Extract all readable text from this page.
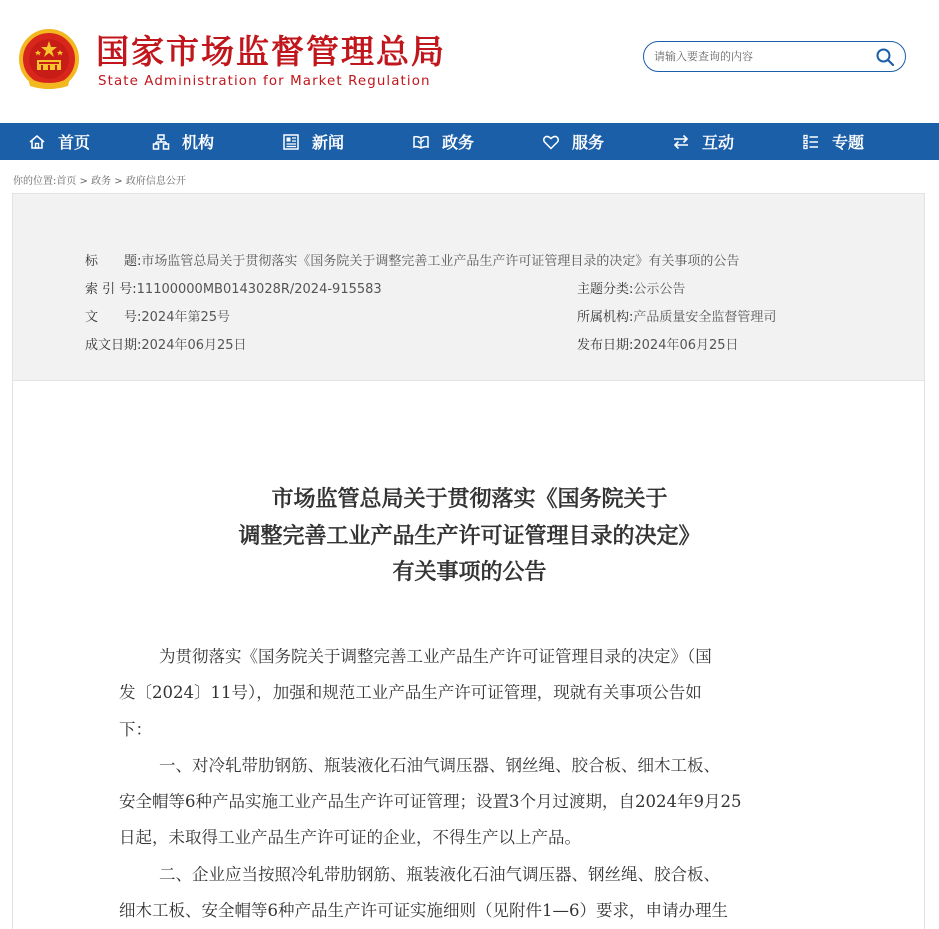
国家市场监督管理总局
State Administration for Market Regulation
请输入要查询的内容
首页	机构	新闻	政务	服务	互动	专题
你的位置:首页 > 政务 > 政府信息公开
标　　题:市场监管总局关于贯彻落实《国务院关于调整完善工业产品生产许可证管理目录的决定》有关事项的公告
索 引 号:11100000MB0143028R/2024-915583	主题分类:公示公告
文　　号:2024年第25号	所属机构:产品质量安全监督管理司
成文日期:2024年06月25日	发布日期:2024年06月25日
市场监管总局关于贯彻落实《国务院关于
调整完善工业产品生产许可证管理目录的决定》
有关事项的公告
为贯彻落实《国务院关于调整完善工业产品生产许可证管理目录的决定》（国
发〔2024〕11号），加强和规范工业产品生产许可证管理，现就有关事项公告如
下：
一、对冷轧带肋钢筋、瓶装液化石油气调压器、钢丝绳、胶合板、细木工板、
安全帽等6种产品实施工业产品生产许可证管理；设置3个月过渡期，自2024年9月25
日起，未取得工业产品生产许可证的企业，不得生产以上产品。
二、企业应当按照冷轧带肋钢筋、瓶装液化石油气调压器、钢丝绳、胶合板、
细木工板、安全帽等6种产品生产许可证实施细则（见附件1—6）要求，申请办理生
